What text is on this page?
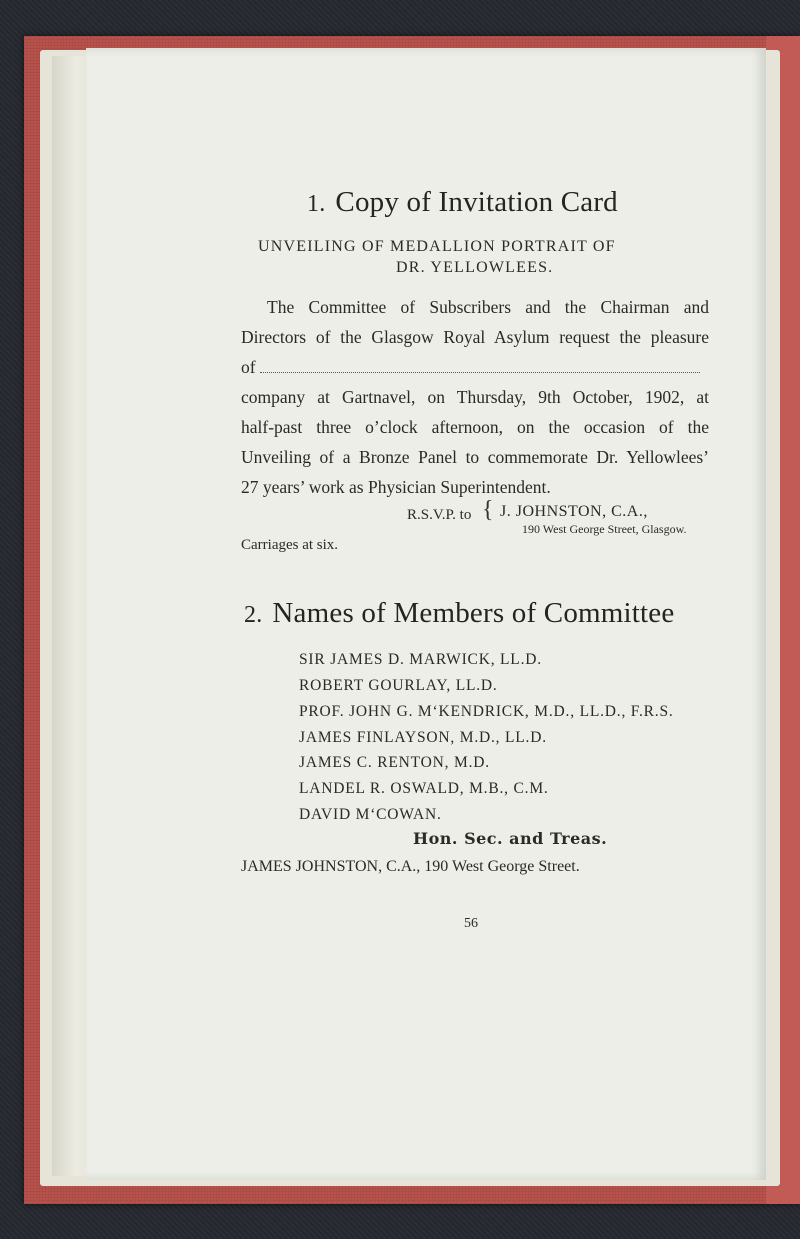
1. Copy of Invitation Card
UNVEILING OF MEDALLION PORTRAIT OF
DR. YELLOWLEES.
The Committee of Subscribers and the Chairman and
Directors of the Glasgow Royal Asylum request the pleasure
of
company at Gartnavel, on Thursday, 9th October, 1902, at
half-past three o’clock afternoon, on the occasion of the
Unveiling of a Bronze Panel to commemorate Dr. Yellowlees’
27 years’ work as Physician Superintendent.
R.S.V.P. to { J. JOHNSTON, C.A.,
190 West George Street, Glasgow.
Carriages at six.
2. Names of Members of Committee
SIR JAMES D. MARWICK, LL.D.
ROBERT GOURLAY, LL.D.
PROF. JOHN G. M‘KENDRICK, M.D., LL.D., F.R.S.
JAMES FINLAYSON, M.D., LL.D.
JAMES C. RENTON, M.D.
LANDEL R. OSWALD, M.B., C.M.
DAVID M‘COWAN.
Hon. Sec. and Treas.
JAMES JOHNSTON, C.A., 190 West George Street.
56
